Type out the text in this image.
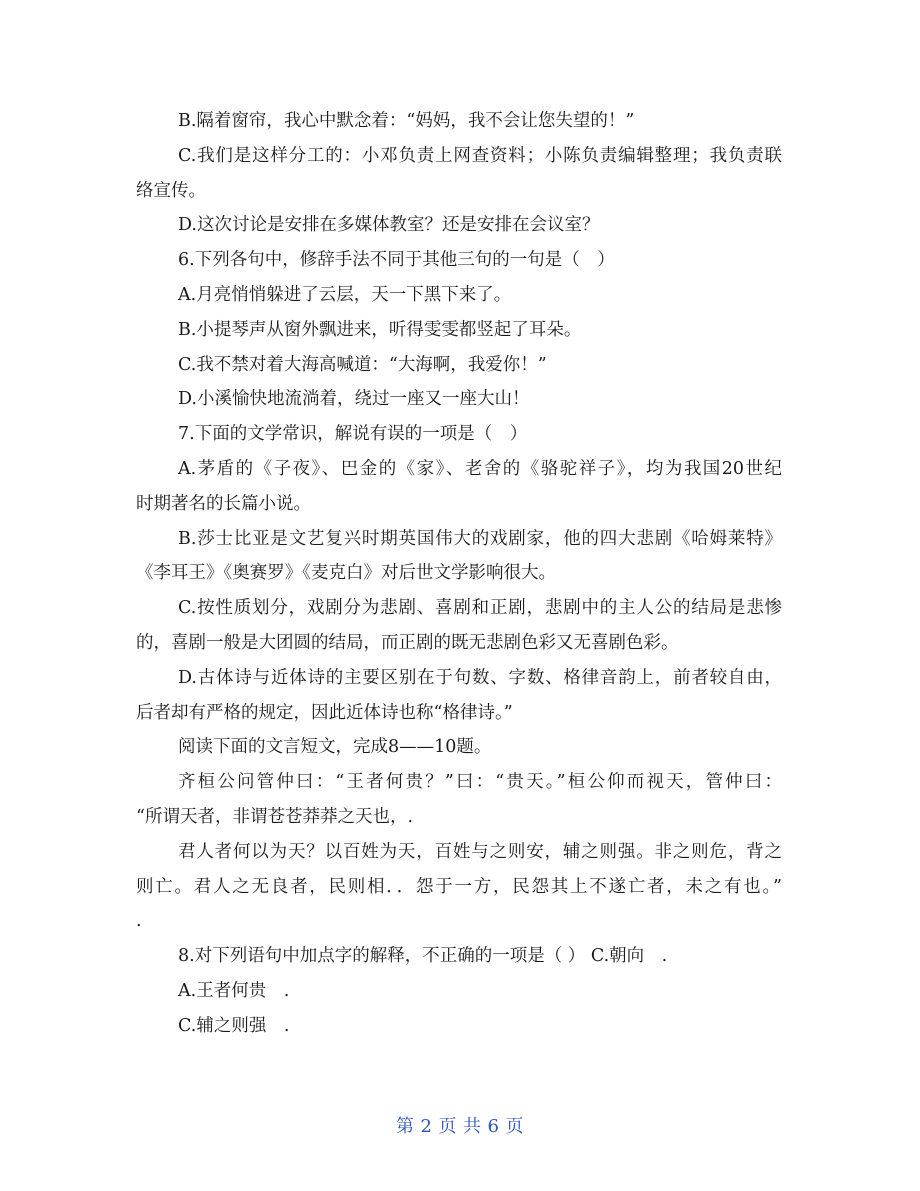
B.隔着窗帘，我心中默念着：“妈妈，我不会让您失望的！”

C.我们是这样分工的：小邓负责上网查资料；小陈负责编辑整理；我负责联

络宣传。

D.这次讨论是安排在多媒体教室？还是安排在会议室？

6.下列各句中，修辞手法不同于其他三句的一句是（　）

A.月亮悄悄躲进了云层，天一下黑下来了。

B.小提琴声从窗外飘进来，听得雯雯都竖起了耳朵。

C.我不禁对着大海高喊道：“大海啊，我爱你！”

D.小溪愉快地流淌着，绕过一座又一座大山！

7.下面的文学常识，解说有误的一项是（　）

A.茅盾的《子夜》、巴金的《家》、老舍的《骆驼祥子》，均为我国20世纪

时期著名的长篇小说。

B.莎士比亚是文艺复兴时期英国伟大的戏剧家，他的四大悲剧《哈姆莱特》

《李耳王》《奥赛罗》《麦克白》对后世文学影响很大。

C.按性质划分，戏剧分为悲剧、喜剧和正剧，悲剧中的主人公的结局是悲惨

的，喜剧一般是大团圆的结局，而正剧的既无悲剧色彩又无喜剧色彩。

D.古体诗与近体诗的主要区别在于句数、字数、格律音韵上，前者较自由，

后者却有严格的规定，因此近体诗也称“格律诗。”

阅读下面的文言短文，完成8——10题。

齐桓公问管仲曰：“王者何贵？”曰：“贵天。”桓公仰而视天，管仲曰：

“所谓天者，非谓苍苍莽莽之天也，.

君人者何以为天？以百姓为天，百姓与之则安，辅之则强。非之则危，背之

则亡。君人之无良者，民则相．．怨于一方，民怨其上不遂亡者，未之有也。”

.

8.对下列语句中加点字的解释，不正确的一项是（ ） C.朝向　.

A.王者何贵　.

C.辅之则强　.

第 2 页 共 6 页
